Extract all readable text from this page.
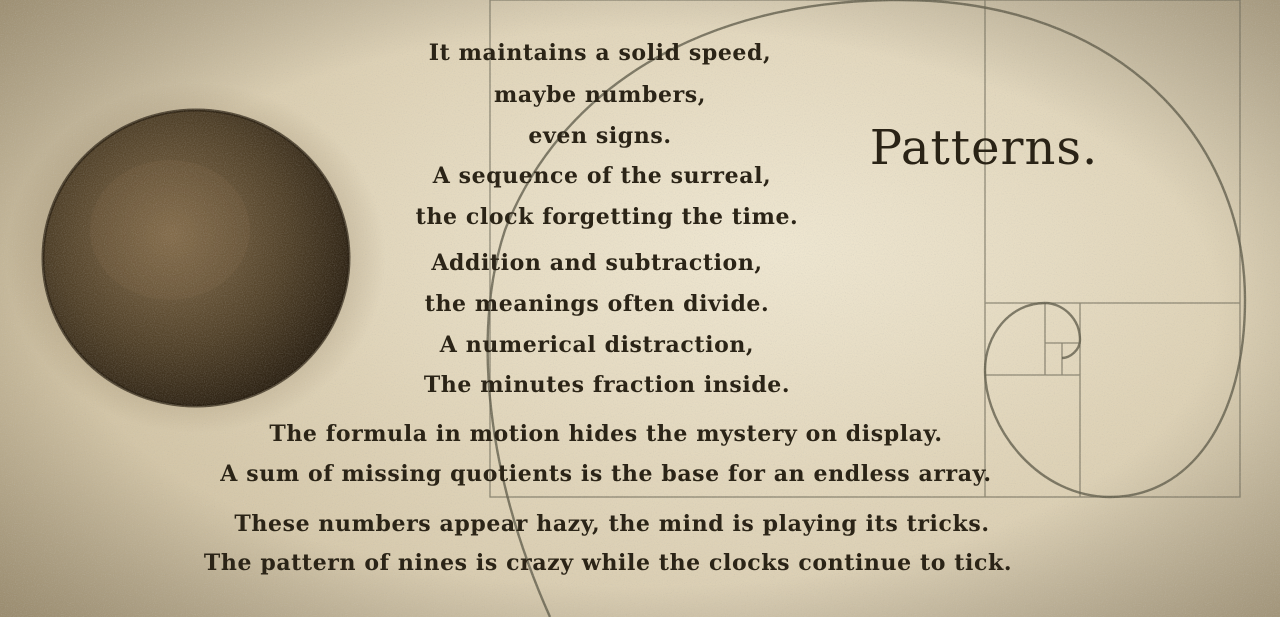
Patterns.
It maintains a solid speed,
maybe numbers,
even signs.
A sequence of the surreal,
the clock forgetting the time.
Addition and subtraction,
the meanings often divide.
A numerical distraction,
The minutes fraction inside.
The formula in motion hides the mystery on display.
A sum of missing quotients is the base for an endless array.
These numbers appear hazy, the mind is playing its tricks.
The pattern of nines is crazy while the clocks continue to tick.
